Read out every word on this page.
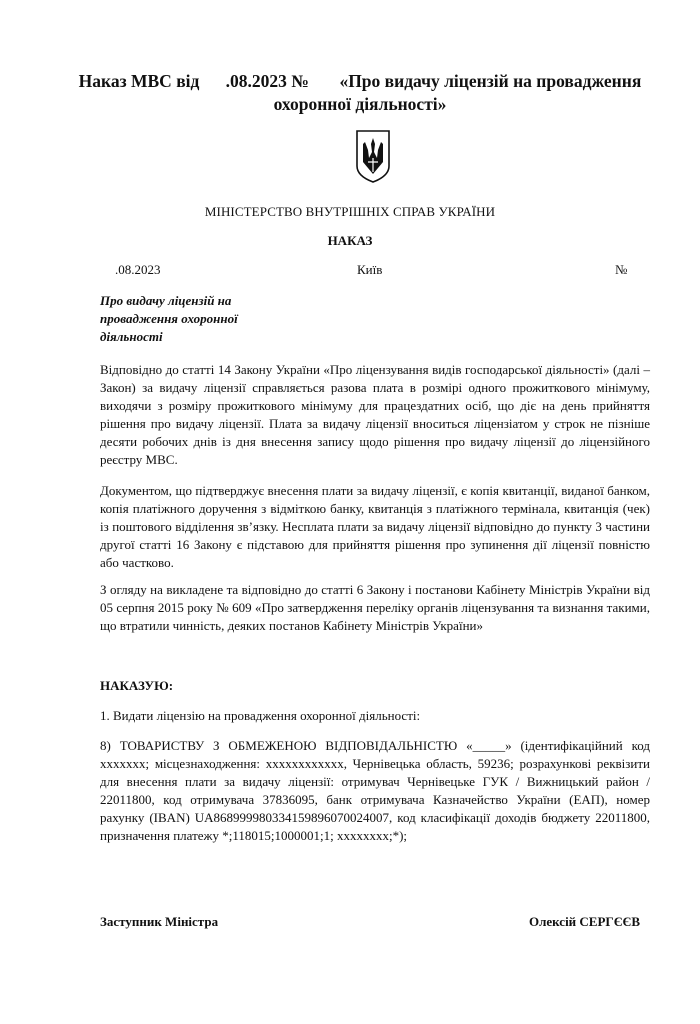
Наказ МВС від      .08.2023 №       «Про видачу ліцензій на провадження
охоронної діяльності»
МІНІСТЕРСТВО ВНУТРІШНІХ СПРАВ УКРАЇНИ
НАКАЗ
.08.2023	Київ	№
Про видачу ліцензій на провадження охоронної діяльності

Відповідно до статті 14 Закону України «Про ліцензування видів господарської діяльності» (далі – Закон) за видачу ліцензії справляється разова плата в розмірі одного прожиткового мінімуму, виходячи з розміру прожиткового мінімуму для працездатних осіб, що діє на день прийняття рішення про видачу ліцензії. Плата за видачу ліцензії вноситься ліцензіатом у строк не пізніше десяти робочих днів із дня внесення запису щодо рішення про видачу ліцензії до ліцензійного реєстру МВС.

Документом, що підтверджує внесення плати за видачу ліцензії, є копія квитанції, виданої банком, копія платіжного доручення з відміткою банку, квитанція з платіжного термінала, квитанція (чек) із поштового відділення зв’язку. Несплата плати за видачу ліцензії відповідно до пункту 3 частини другої статті 16 Закону є підставою для прийняття рішення про зупинення дії ліцензії повністю або частково.

З огляду на викладене та відповідно до статті 6 Закону і постанови Кабінету Міністрів України від 05 серпня 2015 року № 609 «Про затвердження переліку органів ліцензування та визнання такими, що втратили чинність, деяких постанов Кабінету Міністрів України»

НАКАЗУЮ:
1. Видати ліцензію на провадження охоронної діяльності:

8) ТОВАРИСТВУ З ОБМЕЖЕНОЮ ВІДПОВІДАЛЬНІСТЮ «_____» (ідентифікаційний код ххххххх; місцезнаходження: хххххххххххх, Чернівецька область, 59236; розрахункові реквізити для внесення плати за видачу ліцензії: отримувач Чернівецьке ГУК / Вижницький район / 22011800, код отримувача 37836095, банк отримувача Казначейство України (ЕАП), номер рахунку (IBAN) UA868999980334159896070024007, код класифікації доходів бюджету 22011800, призначення платежу *;118015;1000001;1; хххххххх;*);

Заступник Міністра	Олексій СЕРГЄЄВ
